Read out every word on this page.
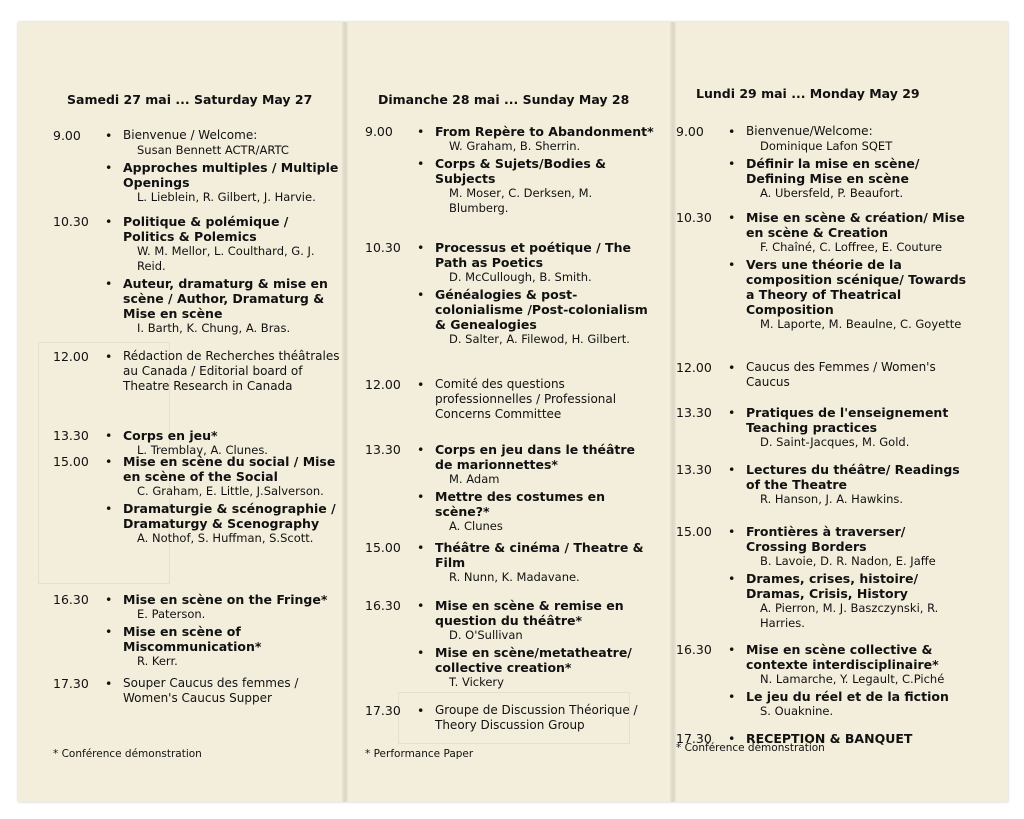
Samedi 27 mai ... Saturday May 27
9.00 • Bienvenue / Welcome:
Susan Bennett ACTR/ARTC
• Approches multiples / Multiple Openings
L. Lieblein, R. Gilbert, J. Harvie.
10.30 • Politique & polémique / Politics & Polemics
W. M. Mellor, L. Coulthard, G. J. Reid.
• Auteur, dramaturg & mise en scène / Author, Dramaturg & Mise en scène
I. Barth, K. Chung, A. Bras.
12.00 • Rédaction de Recherches théâtrales au Canada / Editorial board of Theatre Research in Canada
13.30 • Corps en jeu*
L. Tremblay, A. Clunes.
15.00 • Mise en scène du social / Mise en scène of the Social
C. Graham, E. Little, J.Salverson.
• Dramaturgie & scénographie / Dramaturgy & Scenography
A. Nothof, S. Huffman, S.Scott.
16.30 • Mise en scène on the Fringe*
E. Paterson.
• Mise en scène of Miscommunication*
R. Kerr.
17.30 • Souper Caucus des femmes / Women's Caucus Supper
* Conférence démonstration
Dimanche 28 mai ... Sunday May 28
9.00 • From Repère to Abandonment*
W. Graham, B. Sherrin.
• Corps & Sujets/Bodies & Subjects
M. Moser, C. Derksen, M. Blumberg.
10.30 • Processus et poétique / The Path as Poetics
D. McCullough, B. Smith.
• Généalogies & post-colonialisme /Post-colonialism & Genealogies
D. Salter, A. Filewod, H. Gilbert.
12.00 • Comité des questions professionnelles / Professional Concerns Committee
13.30 • Corps en jeu dans le théâtre de marionnettes*
M. Adam
• Mettre des costumes en scène?*
A. Clunes
15.00 • Théâtre & cinéma / Theatre & Film
R. Nunn, K. Madavane.
16.30 • Mise en scène & remise en question du théâtre*
D. O'Sullivan
• Mise en scène/metatheatre/ collective creation*
T. Vickery
17.30 • Groupe de Discussion Théorique / Theory Discussion Group
* Performance Paper
Lundi 29 mai ... Monday May 29
9.00 • Bienvenue/Welcome:
Dominique Lafon SQET
• Définir la mise en scène/ Defining Mise en scène
A. Ubersfeld, P. Beaufort.
10.30 • Mise en scène & création/ Mise en scène & Creation
F. Chaîné, C. Loffree, E. Couture
• Vers une théorie de la composition scénique/ Towards a Theory of Theatrical Composition
M. Laporte, M. Beaulne, C. Goyette
12.00 • Caucus des Femmes / Women's Caucus
13.30 • Pratiques de l'enseignement Teaching practices
D. Saint-Jacques, M. Gold.
13.30 • Lectures du théâtre/ Readings of the Theatre
R. Hanson, J. A. Hawkins.
15.00 • Frontières à traverser/ Crossing Borders
B. Lavoie, D. R. Nadon, E. Jaffe
• Drames, crises, histoire/ Dramas, Crisis, History
A. Pierron, M. J. Baszczynski, R. Harries.
16.30 • Mise en scène collective & contexte interdisciplinaire*
N. Lamarche, Y. Legault, C.Piché
• Le jeu du réel et de la fiction
S. Ouaknine.
17.30 • RECEPTION & BANQUET
* Conférence démonstration
